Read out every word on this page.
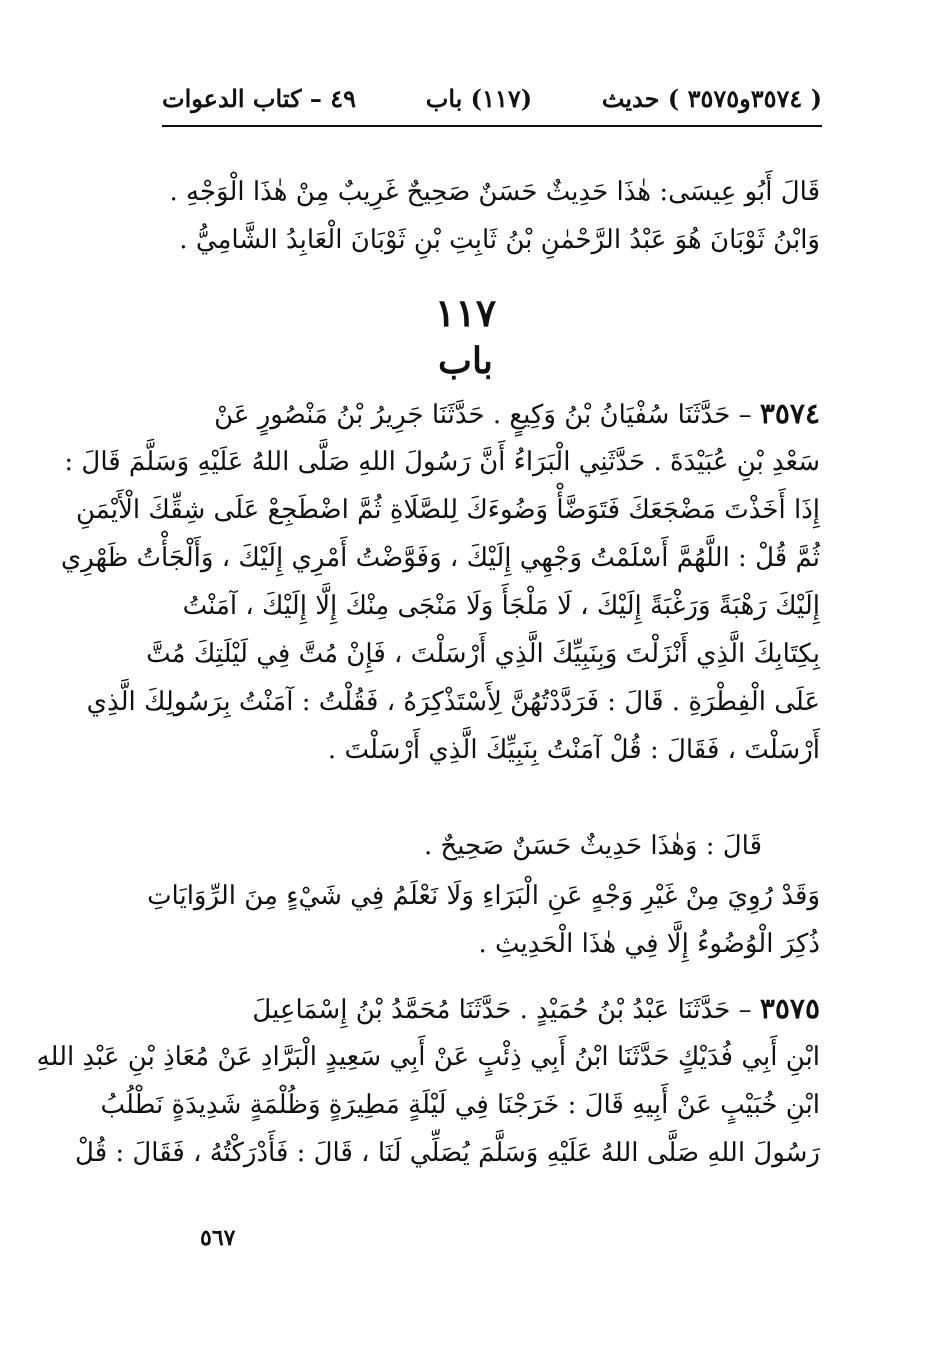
٤٩ – كتاب الدعوات	(١١٧) باب	( ٣٥٧٤و٣٥٧٥ ) حديث
قَالَ أَبُو عِيسَى: هٰذَا حَدِيثٌ حَسَنٌ صَحِيحٌ غَرِيبٌ مِنْ هٰذَا الْوَجْهِ .
وَابْنُ ثَوْبَانَ هُوَ عَبْدُ الرَّحْمٰنِ بْنُ ثَابِتِ بْنِ ثَوْبَانَ الْعَابِدُ الشَّامِيُّ .
١١٧
باب
٣٥٧٤ – حَدَّثَنَا سُفْيَانُ بْنُ وَكِيعٍ . حَدَّثَنَا جَرِيرُ بْنُ مَنْصُورٍ عَنْ
سَعْدِ بْنِ عُبَيْدَةَ . حَدَّثَنِي الْبَرَاءُ أَنَّ رَسُولَ اللهِ صَلَّى اللهُ عَلَيْهِ وَسَلَّمَ قَالَ :
إِذَا أَخَذْتَ مَضْجَعَكَ فَتَوَضَّأْ وَضُوءَكَ لِلصَّلَاةِ ثُمَّ اضْطَجِعْ عَلَى شِقِّكَ الْأَيْمَنِ
ثُمَّ قُلْ : اللَّهُمَّ أَسْلَمْتُ وَجْهِي إِلَيْكَ ، وَفَوَّضْتُ أَمْرِي إِلَيْكَ ، وَأَلْجَأْتُ ظَهْرِي
إِلَيْكَ رَهْبَةً وَرَغْبَةً إِلَيْكَ ، لَا مَلْجَأَ وَلَا مَنْجَى مِنْكَ إِلَّا إِلَيْكَ ، آمَنْتُ
بِكِتَابِكَ الَّذِي أَنْزَلْتَ وَبِنَبِيِّكَ الَّذِي أَرْسَلْتَ ، فَإِنْ مُتَّ فِي لَيْلَتِكَ مُتَّ
عَلَى الْفِطْرَةِ . قَالَ : فَرَدَّدْتُهُنَّ لِأَسْتَذْكِرَهُ ، فَقُلْتُ : آمَنْتُ بِرَسُولِكَ الَّذِي
أَرْسَلْتَ ، فَقَالَ : قُلْ آمَنْتُ بِنَبِيِّكَ الَّذِي أَرْسَلْتَ .
قَالَ : وَهٰذَا حَدِيثٌ حَسَنٌ صَحِيحٌ .
وَقَدْ رُوِيَ مِنْ غَيْرِ وَجْهٍ عَنِ الْبَرَاءِ وَلَا نَعْلَمُ فِي شَيْءٍ مِنَ الرِّوَايَاتِ
ذُكِرَ الْوُضُوءُ إِلَّا فِي هٰذَا الْحَدِيثِ .
٣٥٧٥ – حَدَّثَنَا عَبْدُ بْنُ حُمَيْدٍ . حَدَّثَنَا مُحَمَّدُ بْنُ إِسْمَاعِيلَ
ابْنِ أَبِي فُدَيْكٍ حَدَّثَنَا ابْنُ أَبِي ذِئْبٍ عَنْ أَبِي سَعِيدٍ الْبَرَّادِ عَنْ مُعَاذِ بْنِ عَبْدِ اللهِ
ابْنِ خُبَيْبٍ عَنْ أَبِيهِ قَالَ : خَرَجْنَا فِي لَيْلَةٍ مَطِيرَةٍ وَظُلْمَةٍ شَدِيدَةٍ نَطْلُبُ
رَسُولَ اللهِ صَلَّى اللهُ عَلَيْهِ وَسَلَّمَ يُصَلِّي لَنَا ، قَالَ : فَأَدْرَكْتُهُ ، فَقَالَ : قُلْ
٥٦٧
